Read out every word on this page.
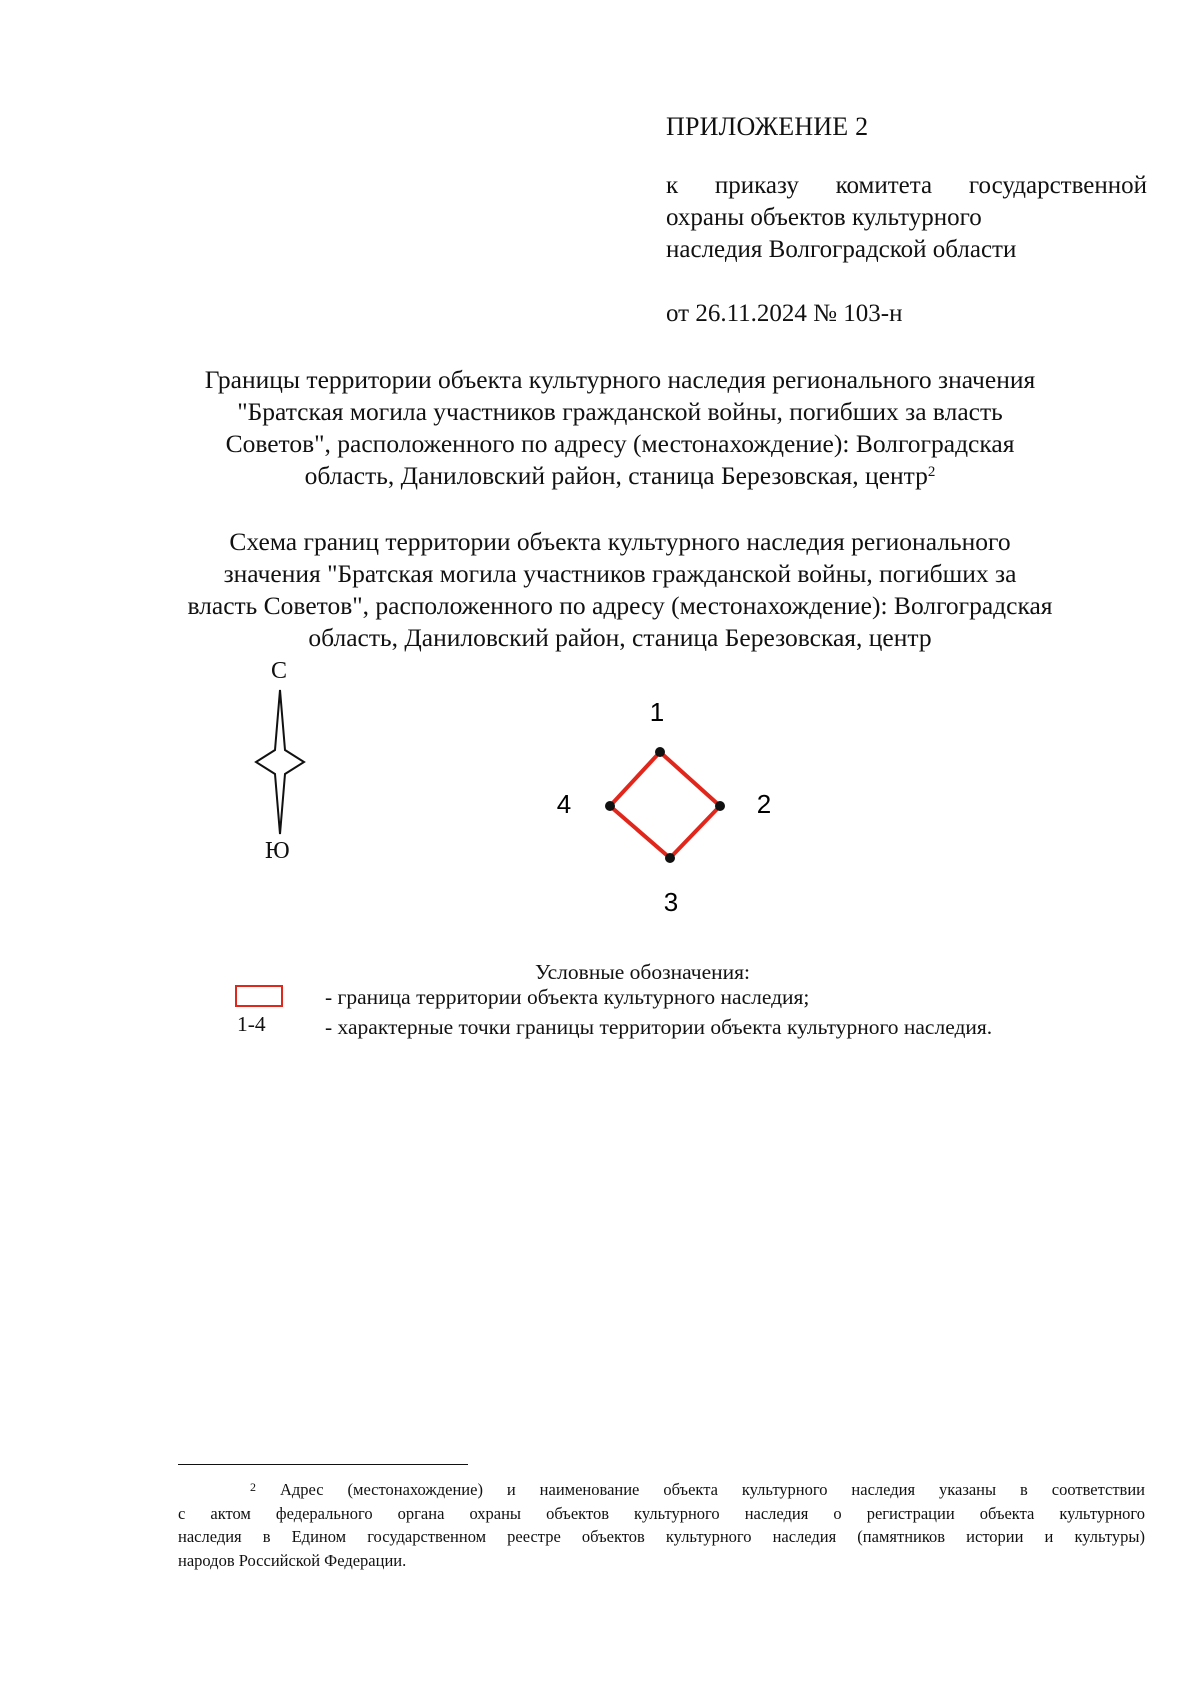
ПРИЛОЖЕНИЕ 2
к приказу комитета государственной
охраны объектов культурного
наследия Волгоградской области
от 26.11.2024 № 103-н
Границы территории объекта культурного наследия регионального значения
"Братская могила участников гражданской войны, погибших за власть
Советов", расположенного по адресу (местонахождение): Волгоградская
область, Даниловский район, станица Березовская, центр$^2$
Схема границ территории объекта культурного наследия регионального
значения "Братская могила участников гражданской войны, погибших за
власть Советов", расположенного по адресу (местонахождение): Волгоградская
область, Даниловский район, станица Березовская, центр
С
Ю
1
2
3
4
Условные обозначения:
- граница территории объекта культурного наследия;
1-4	- характерные точки границы территории объекта культурного наследия.
$^2$ Адрес (местонахождение) и наименование объекта культурного наследия указаны в соответствии
с актом федерального органа охраны объектов культурного наследия о регистрации объекта культурного
наследия в Едином государственном реестре объектов культурного наследия (памятников истории и культуры)
народов Российской Федерации.
